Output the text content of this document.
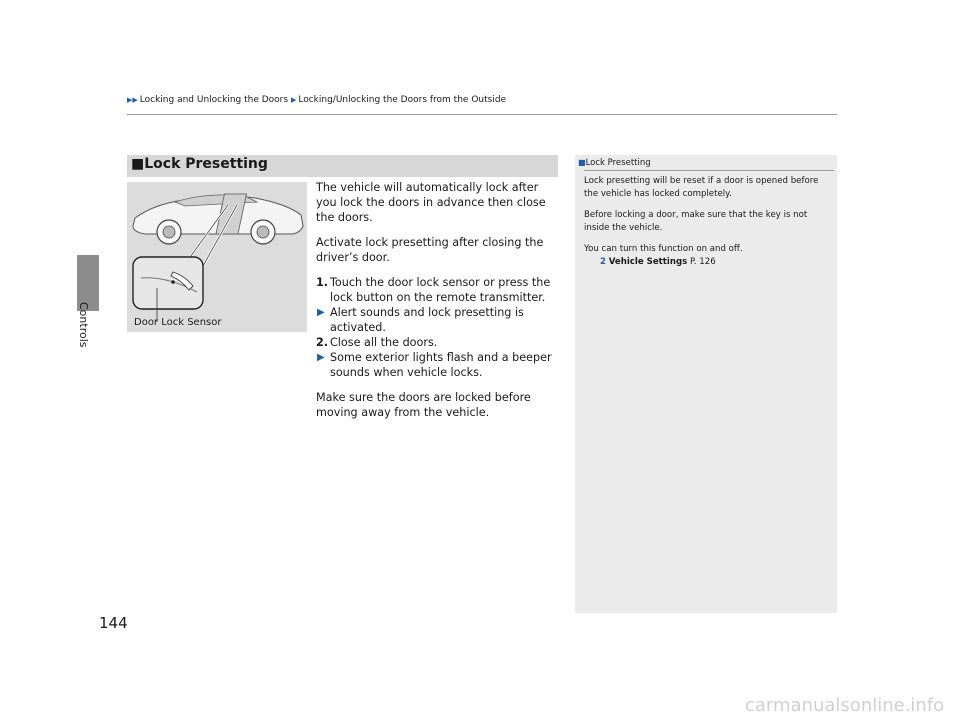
Controls
▶▶ Locking and Unlocking the Doors ▶ Locking/Unlocking the Doors from the Outside
■Lock Presetting
Door Lock Sensor

The vehicle will automatically lock after you lock the doors in advance then close the doors.

Activate lock presetting after closing the driver’s door.

1. Touch the door lock sensor or press the lock button on the remote transmitter.
▶ Alert sounds and lock presetting is activated.
2. Close all the doors.
▶ Some exterior lights flash and a beeper sounds when vehicle locks.

Make sure the doors are locked before moving away from the vehicle.

■Lock Presetting

Lock presetting will be reset if a door is opened before the vehicle has locked completely.

Before locking a door, make sure that the key is not inside the vehicle.

You can turn this function on and off.

2 Vehicle Settings P. 126
144
carmanualsonline.info
